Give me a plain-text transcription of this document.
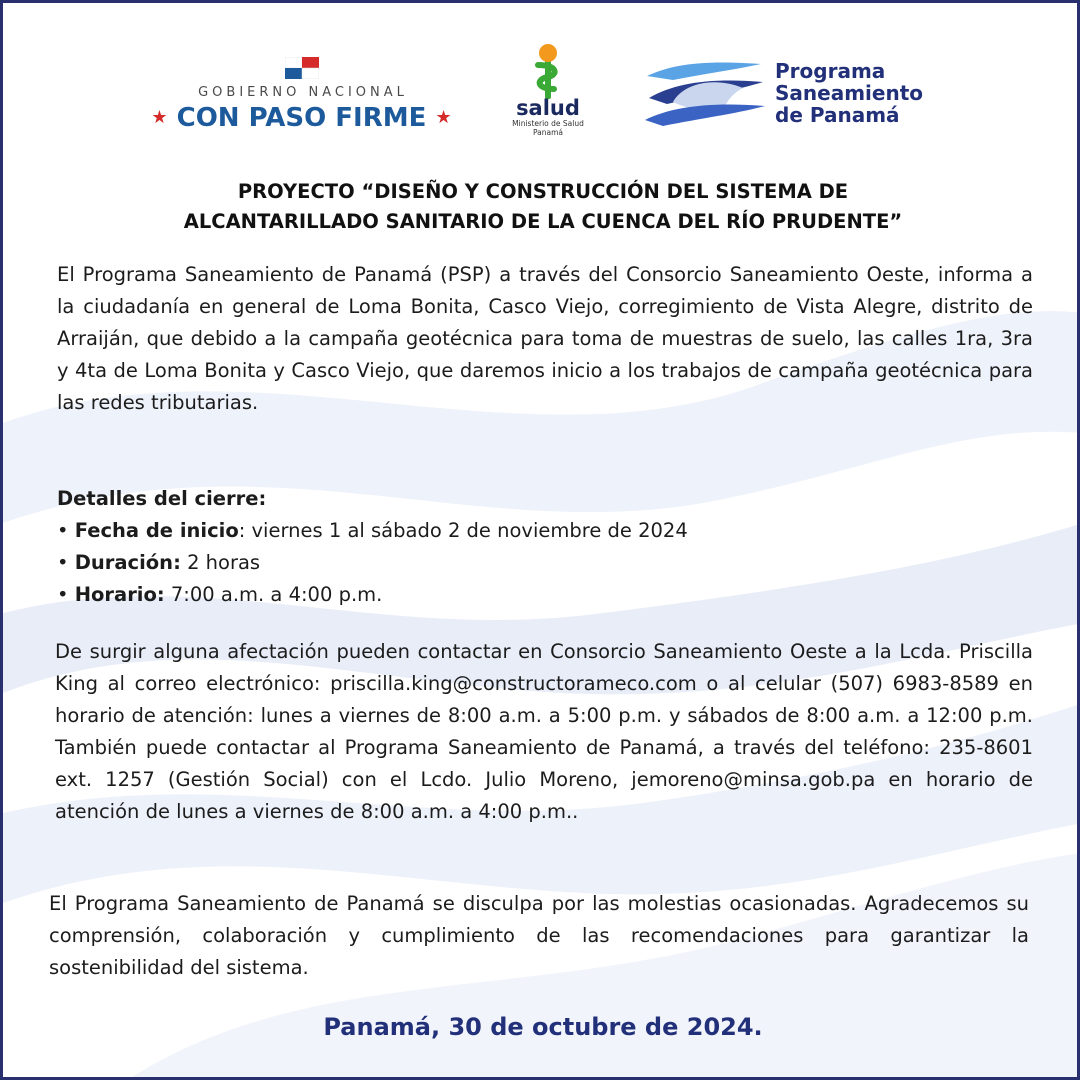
GOBIERNO NACIONAL
★ CON PASO FIRME ★	salud
Ministerio de Salud
Panamá
Programa
Saneamiento
de Panamá
PROYECTO “DISEÑO Y CONSTRUCCIÓN DEL SISTEMA DE
ALCANTARILLADO SANITARIO DE LA CUENCA DEL RÍO PRUDENTE”
El Programa Saneamiento de Panamá (PSP) a través del Consorcio Saneamiento Oeste, informa a la ciudadanía en general de Loma Bonita, Casco Viejo, corregimiento de Vista Alegre, distrito de Arraiján, que debido a la campaña geotécnica para toma de muestras de suelo, las calles 1ra, 3ra y 4ta de Loma Bonita y Casco Viejo, que daremos inicio a los trabajos de campaña geotécnica para las redes tributarias.
Detalles del cierre:
• Fecha de inicio: viernes 1 al sábado 2 de noviembre de 2024
• Duración: 2 horas
• Horario: 7:00 a.m. a 4:00 p.m.
De surgir alguna afectación pueden contactar en Consorcio Saneamiento Oeste a la Lcda. Priscilla King al correo electrónico: priscilla.king@constructorameco.com o al celular (507) 6983-8589 en horario de atención: lunes a viernes de 8:00 a.m. a 5:00 p.m. y sábados de 8:00 a.m. a 12:00 p.m. También puede contactar al Programa Saneamiento de Panamá, a través del teléfono: 235-8601 ext. 1257 (Gestión Social) con el Lcdo. Julio Moreno, jemoreno@minsa.gob.pa en horario de atención de lunes a viernes de 8:00 a.m. a 4:00 p.m..
El Programa Saneamiento de Panamá se disculpa por las molestias ocasionadas. Agradecemos su comprensión, colaboración y cumplimiento de las recomendaciones para garantizar la sostenibilidad del sistema.
Panamá, 30 de octubre de 2024.
